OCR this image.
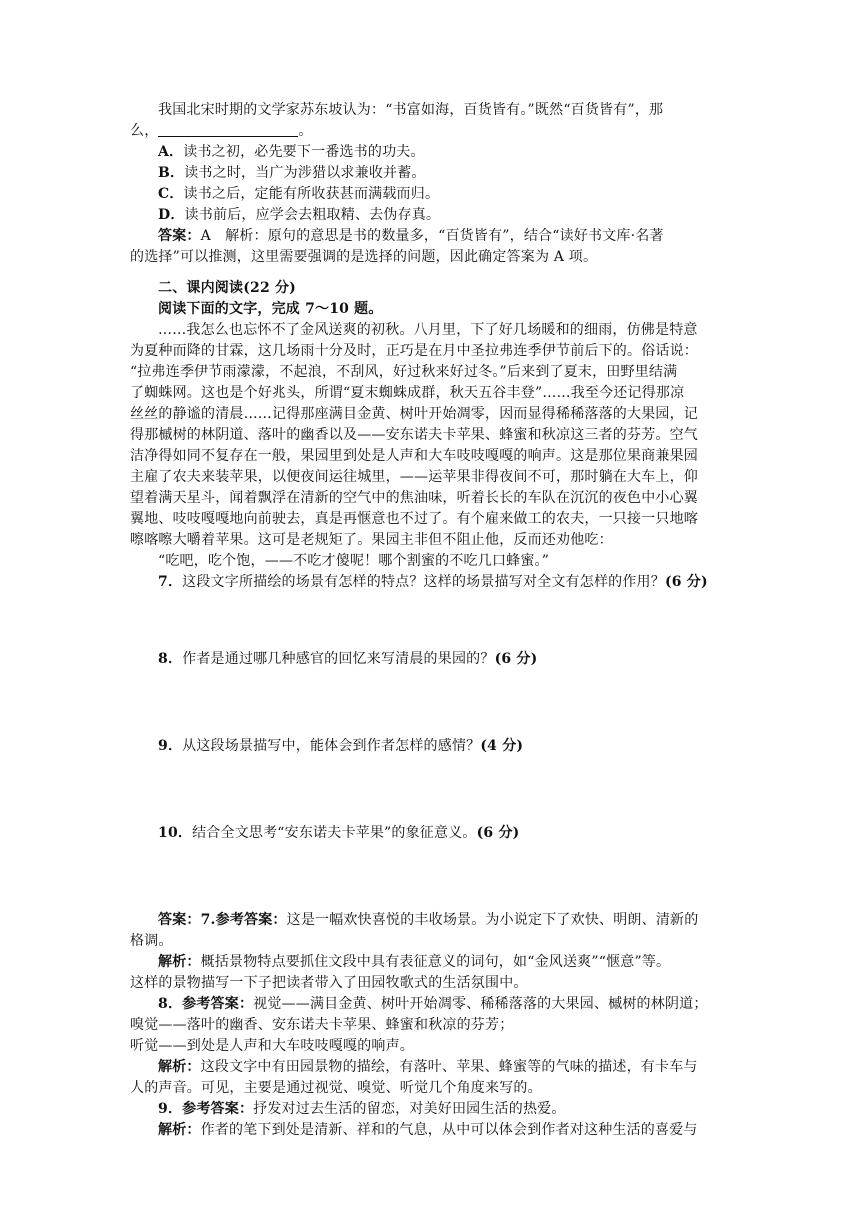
我国北宋时期的文学家苏东坡认为：“书富如海，百货皆有。”既然“百货皆有”，那
么，	。
A．读书之初，必先要下一番选书的功夫。
B．读书之时，当广为涉猎以求兼收并蓄。
C．读书之后，定能有所收获甚而满载而归。
D．读书前后，应学会去粗取精、去伪存真。
答案：A　解析：原句的意思是书的数量多，“百货皆有”，结合“读好书文库·名著
的选择”可以推测，这里需要强调的是选择的问题，因此确定答案为 A 项。
二、课内阅读(22 分)
阅读下面的文字，完成 7～10 题。
……我怎么也忘怀不了金风送爽的初秋。八月里，下了好几场暖和的细雨，仿佛是特意
为夏种而降的甘霖，这几场雨十分及时，正巧是在月中圣拉弗连季伊节前后下的。俗话说：
“拉弗连季伊节雨濛濛，不起浪，不刮风，好过秋来好过冬。”后来到了夏末，田野里结满
了蜘蛛网。这也是个好兆头，所谓“夏末蜘蛛成群，秋天五谷丰登”……我至今还记得那凉
丝丝的静谧的清晨……记得那座满目金黄、树叶开始凋零，因而显得稀稀落落的大果园，记
得那槭树的林阴道、落叶的幽香以及——安东诺夫卡苹果、蜂蜜和秋凉这三者的芬芳。空气
洁净得如同不复存在一般，果园里到处是人声和大车吱吱嘎嘎的响声。这是那位果商兼果园
主雇了农夫来装苹果，以便夜间运往城里，——运苹果非得夜间不可，那时躺在大车上，仰
望着满天星斗，闻着飘浮在清新的空气中的焦油味，听着长长的车队在沉沉的夜色中小心翼
翼地、吱吱嘎嘎地向前驶去，真是再惬意也不过了。有个雇来做工的农夫，一只接一只地喀
嚓喀嚓大嚼着苹果。这可是老规矩了。果园主非但不阻止他，反而还劝他吃：
“吃吧，吃个饱，——不吃才傻呢！哪个割蜜的不吃几口蜂蜜。”
7．这段文字所描绘的场景有怎样的特点？这样的场景描写对全文有怎样的作用？(6 分)
8．作者是通过哪几种感官的回忆来写清晨的果园的？(6 分)
9．从这段场景描写中，能体会到作者怎样的感情？(4 分)
10．结合全文思考“安东诺夫卡苹果”的象征意义。(6 分)
答案：7.参考答案：这是一幅欢快喜悦的丰收场景。为小说定下了欢快、明朗、清新的
格调。
解析：概括景物特点要抓住文段中具有表征意义的词句，如“金风送爽”“惬意”等。
这样的景物描写一下子把读者带入了田园牧歌式的生活氛围中。
8．参考答案：视觉——满目金黄、树叶开始凋零、稀稀落落的大果园、槭树的林阴道；
嗅觉——落叶的幽香、安东诺夫卡苹果、蜂蜜和秋凉的芬芳；
听觉——到处是人声和大车吱吱嘎嘎的响声。
解析：这段文字中有田园景物的描绘，有落叶、苹果、蜂蜜等的气味的描述，有卡车与
人的声音。可见，主要是通过视觉、嗅觉、听觉几个角度来写的。
9．参考答案：抒发对过去生活的留恋，对美好田园生活的热爱。
解析：作者的笔下到处是清新、祥和的气息，从中可以体会到作者对这种生活的喜爱与
